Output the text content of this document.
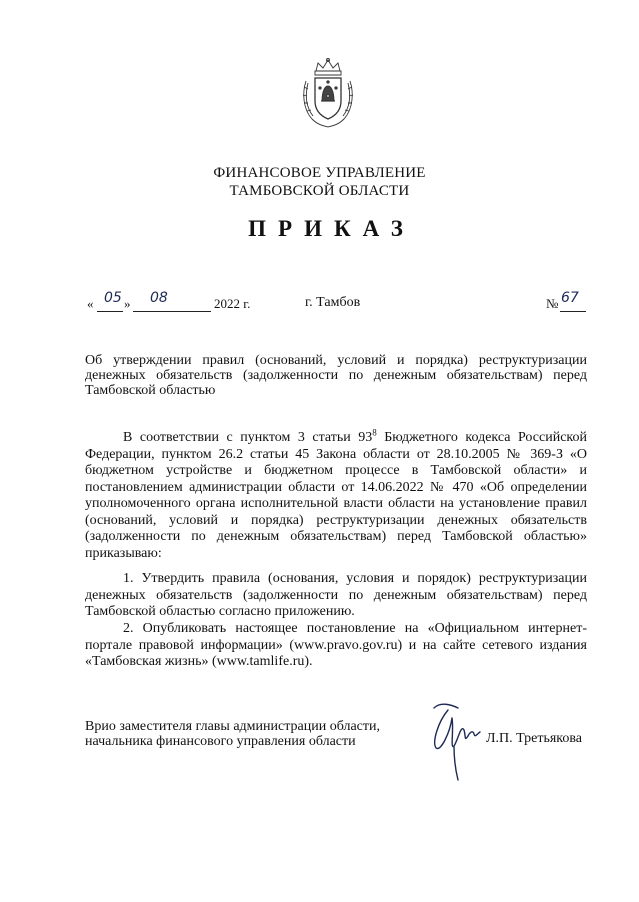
ФИНАНСОВОЕ УПРАВЛЕНИЕ
ТАМБОВСКОЙ ОБЛАСТИ
ПРИКАЗ
« 05 » 08	2022 г.	г. Тамбов	№ 67
Об утверждении правил (оснований, условий и порядка) реструктуризации денежных обязательств (задолженности по денежным обязательствам) перед Тамбовской областью
В соответствии с пунктом 3 статьи $93^8$ Бюджетного кодекса Российской Федерации, пунктом 26.2 статьи 45 Закона области от 28.10.2005 № 369-З «О бюджетном устройстве и бюджетном процессе в Тамбовской области» и постановлением администрации области от 14.06.2022 № 470 «Об определении уполномоченного органа исполнительной власти области на установление правил (оснований, условий и порядка) реструктуризации денежных обязательств (задолженности по денежным обязательствам) перед Тамбовской областью» приказываю:
1. Утвердить правила (основания, условия и порядок) реструктуризации денежных обязательств (задолженности по денежным обязательствам) перед Тамбовской областью согласно приложению.
2. Опубликовать настоящее постановление на «Официальном интернет-портале правовой информации» (www.pravo.gov.ru) и на сайте сетевого издания «Тамбовская жизнь» (www.tamlife.ru).
Врио заместителя главы администрации области,
начальника финансового управления области	Л.П. Третьякова
